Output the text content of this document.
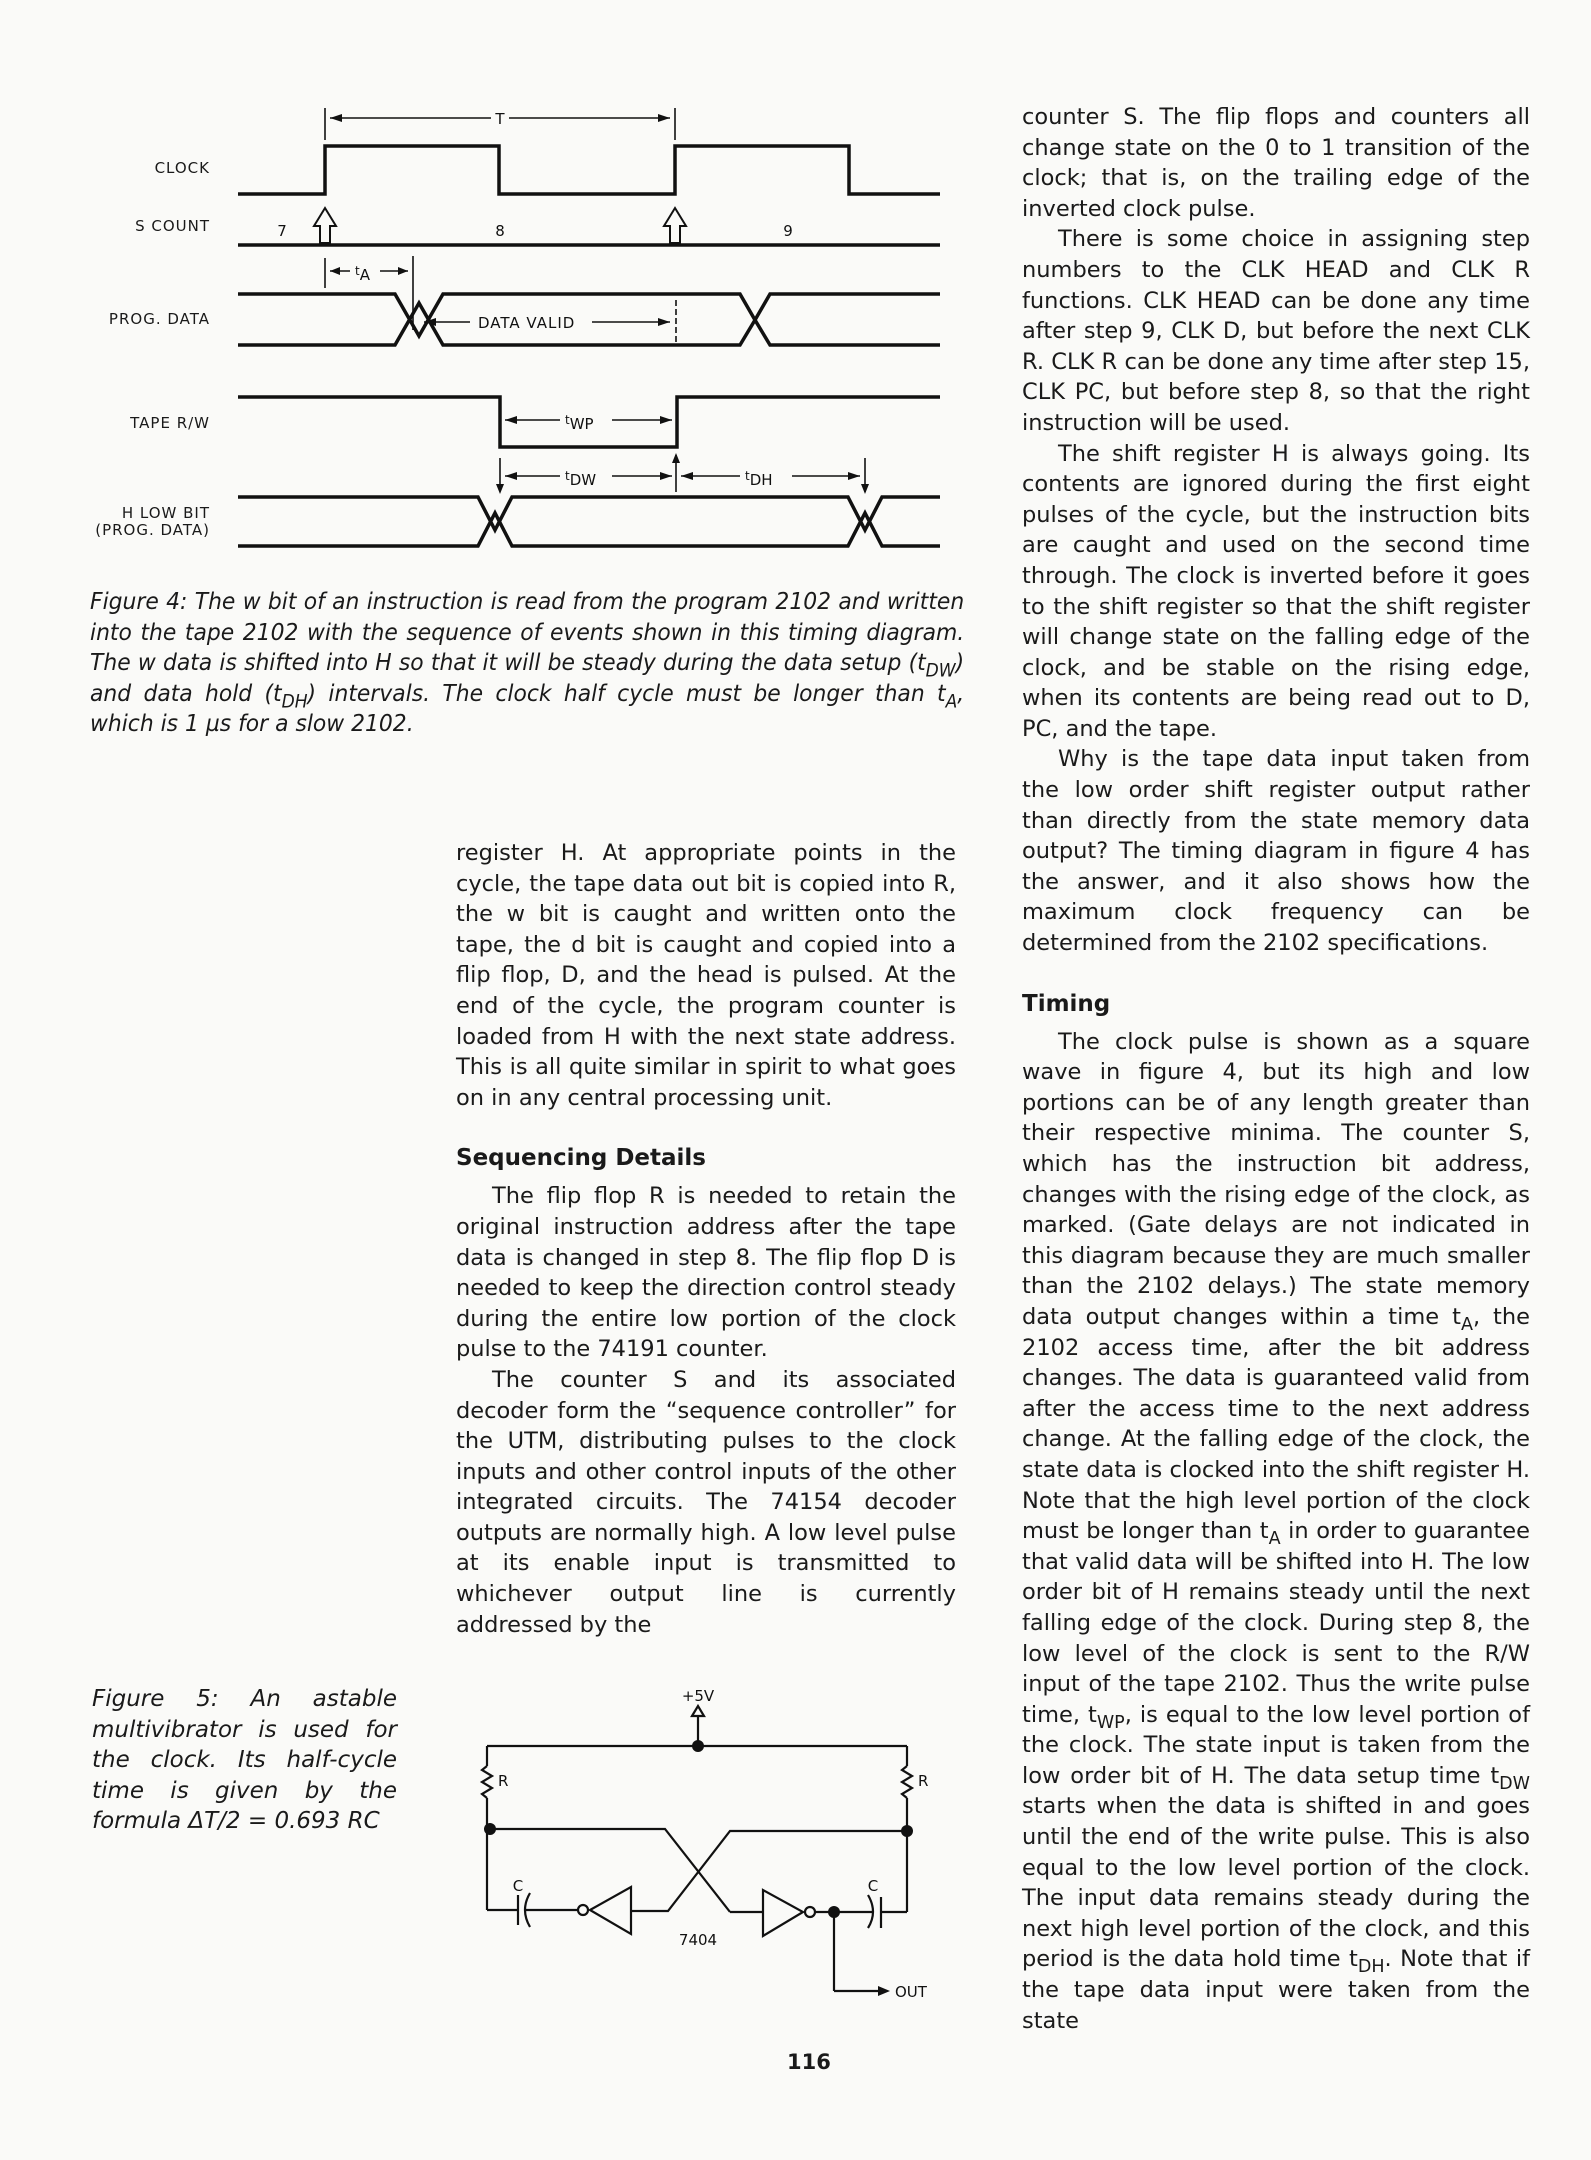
CLOCK
S COUNT
PROG. DATA
TAPE R/W
H LOW BIT
(PROG. DATA)
T
7	8	9
tA
DATA VALID
tWP
tDW	tDH
Figure 4: The w bit of an instruction is read from the program 2102 and written into the tape 2102 with the sequence of events shown in this timing diagram. The w data is shifted into H so that it will be steady during the data setup $(t_{DW})$ and data hold $(t_{DH})$ intervals. The clock half cycle must be longer than $t_A$, which is 1 µs for a slow 2102.

register H. At appropriate points in the cycle, the tape data out bit is copied into R, the w bit is caught and written onto the tape, the d bit is caught and copied into a flip flop, D, and the head is pulsed. At the end of the cycle, the program counter is loaded from H with the next state address. This is all quite similar in spirit to what goes on in any central processing unit.

Sequencing Details

The flip flop R is needed to retain the original instruction address after the tape data is changed in step 8. The flip flop D is needed to keep the direction control steady during the entire low portion of the clock pulse to the 74191 counter.

The counter S and its associated decoder form the “sequence controller” for the UTM, distributing pulses to the clock inputs and other control inputs of the other integrated circuits. The 74154 decoder outputs are normally high. A low level pulse at its enable input is transmitted to whichever output line is currently addressed by the

counter S. The flip flops and counters all change state on the 0 to 1 transition of the clock; that is, on the trailing edge of the inverted clock pulse.

There is some choice in assigning step numbers to the CLK HEAD and CLK R functions. CLK HEAD can be done any time after step 9, CLK D, but before the next CLK R. CLK R can be done any time after step 15, CLK PC, but before step 8, so that the right instruction will be used.

The shift register H is always going. Its contents are ignored during the first eight pulses of the cycle, but the instruction bits are caught and used on the second time through. The clock is inverted before it goes to the shift register so that the shift register will change state on the falling edge of the clock, and be stable on the rising edge, when its contents are being read out to D, PC, and the tape.

Why is the tape data input taken from the low order shift register output rather than directly from the state memory data output? The timing diagram in figure 4 has the answer, and it also shows how the maximum clock frequency can be determined from the 2102 specifications.

Timing

The clock pulse is shown as a square wave in figure 4, but its high and low portions can be of any length greater than their respective minima. The counter S, which has the instruction bit address, changes with the rising edge of the clock, as marked. (Gate delays are not indicated in this diagram because they are much smaller than the 2102 delays.) The state memory data output changes within a time $t_A$, the 2102 access time, after the bit address changes. The data is guaranteed valid from after the access time to the next address change. At the falling edge of the clock, the state data is clocked into the shift register H. Note that the high level portion of the clock must be longer than $t_A$ in order to guarantee that valid data will be shifted into H. The low order bit of H remains steady until the next falling edge of the clock. During step 8, the low level of the clock is sent to the R/W input of the tape 2102. Thus the write pulse time, $t_{WP}$, is equal to the low level portion of the clock. The state input is taken from the low order bit of H. The data setup time $t_{DW}$ starts when the data is shifted in and goes until the end of the write pulse. This is also equal to the low level portion of the clock. The input data remains steady during the next high level portion of the clock, and this period is the data hold time $t_{DH}$. Note that if the tape data input were taken from the state

Figure 5: An astable multivibrator is used for the clock. Its half-cycle time is given by the formula ΔT/2 = 0.693 RC
+5V
R	R
C	C
7404
OUT
116
